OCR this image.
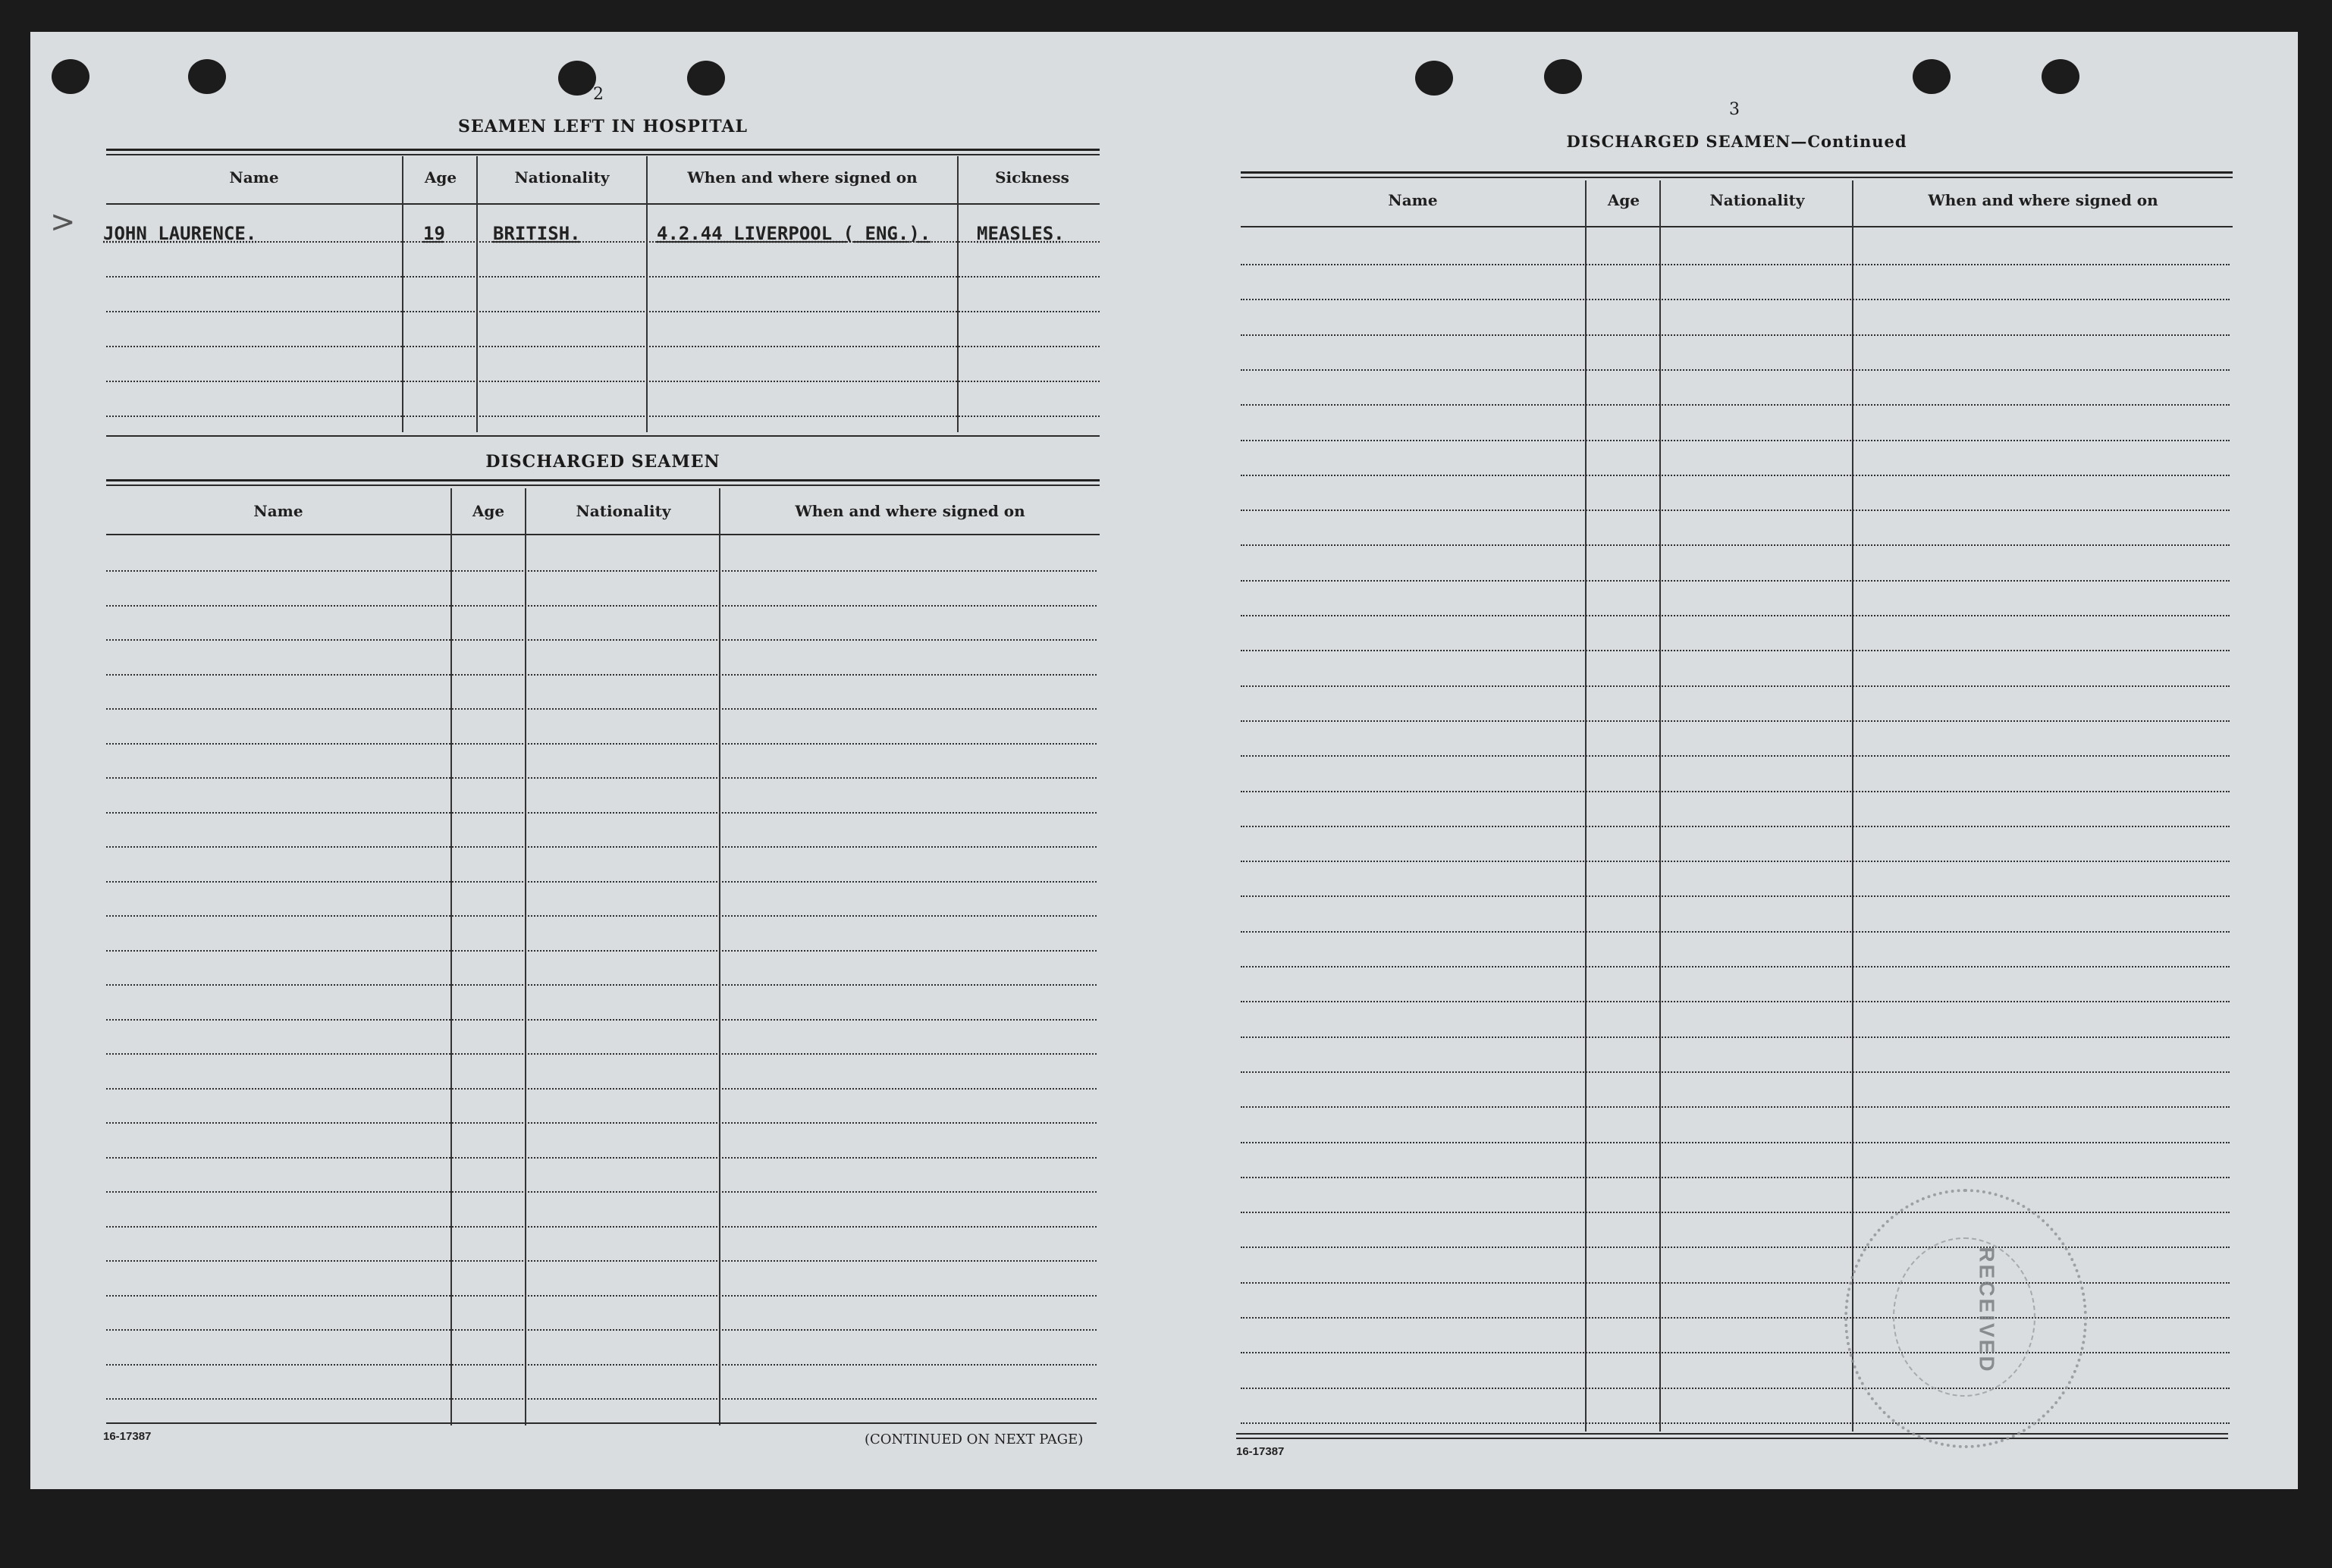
2
SEAMEN LEFT IN HOSPITAL
Name	Age	Nationality	When and where signed on	Sickness
JOHN LAURENCE.	19	BRITISH.	4.2.44 LIVERPOOL ( ENG.).	MEASLES.
DISCHARGED SEAMEN
Name	Age	Nationality	When and where signed on
16-17387	(CONTINUED ON NEXT PAGE)
3
DISCHARGED SEAMEN—Continued
Name	Age	Nationality	When and where signed on
16-17387
RECEIVED
>
